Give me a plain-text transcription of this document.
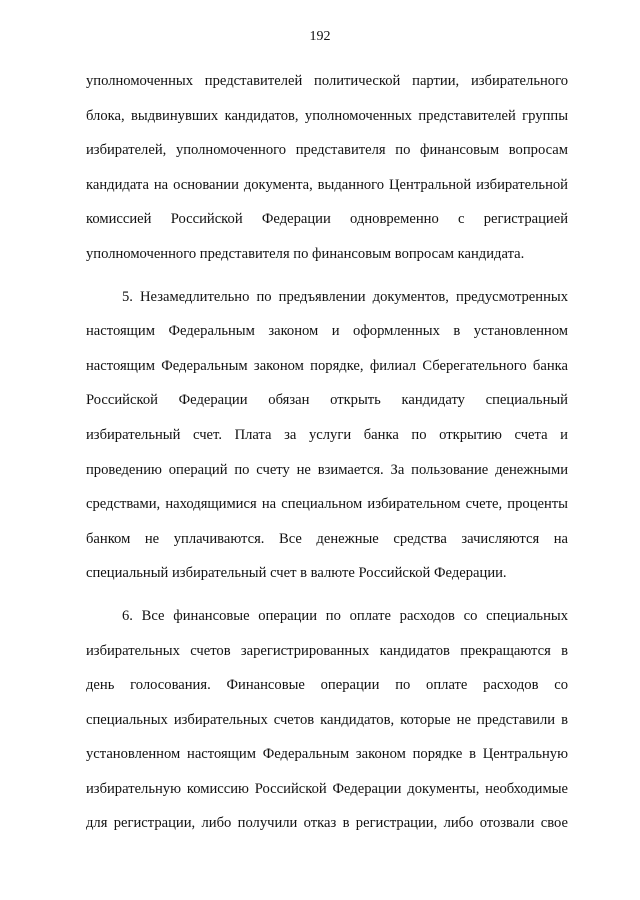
192
уполномоченных представителей политической партии, избирательного
блока, выдвинувших кандидатов, уполномоченных представителей группы
избирателей, уполномоченного представителя по финансовым вопросам
кандидата на основании документа, выданного Центральной избирательной
комиссией Российской Федерации одновременно с регистрацией
уполномоченного представителя по финансовым вопросам кандидата.
5. Незамедлительно по предъявлении документов, предусмотренных
настоящим Федеральным законом и оформленных в установленном
настоящим Федеральным законом порядке, филиал Сберегательного банка
Российской Федерации обязан открыть кандидату специальный
избирательный счет. Плата за услуги банка по открытию счета и
проведению операций по счету не взимается. За пользование денежными
средствами, находящимися на специальном избирательном счете, проценты
банком не уплачиваются. Все денежные средства зачисляются на
специальный избирательный счет в валюте Российской Федерации.
6. Все финансовые операции по оплате расходов со специальных
избирательных счетов зарегистрированных кандидатов прекращаются в
день голосования. Финансовые операции по оплате расходов со
специальных избирательных счетов кандидатов, которые не представили в
установленном настоящим Федеральным законом порядке в Центральную
избирательную комиссию Российской Федерации документы, необходимые
для регистрации, либо получили отказ в регистрации, либо отозвали свое
